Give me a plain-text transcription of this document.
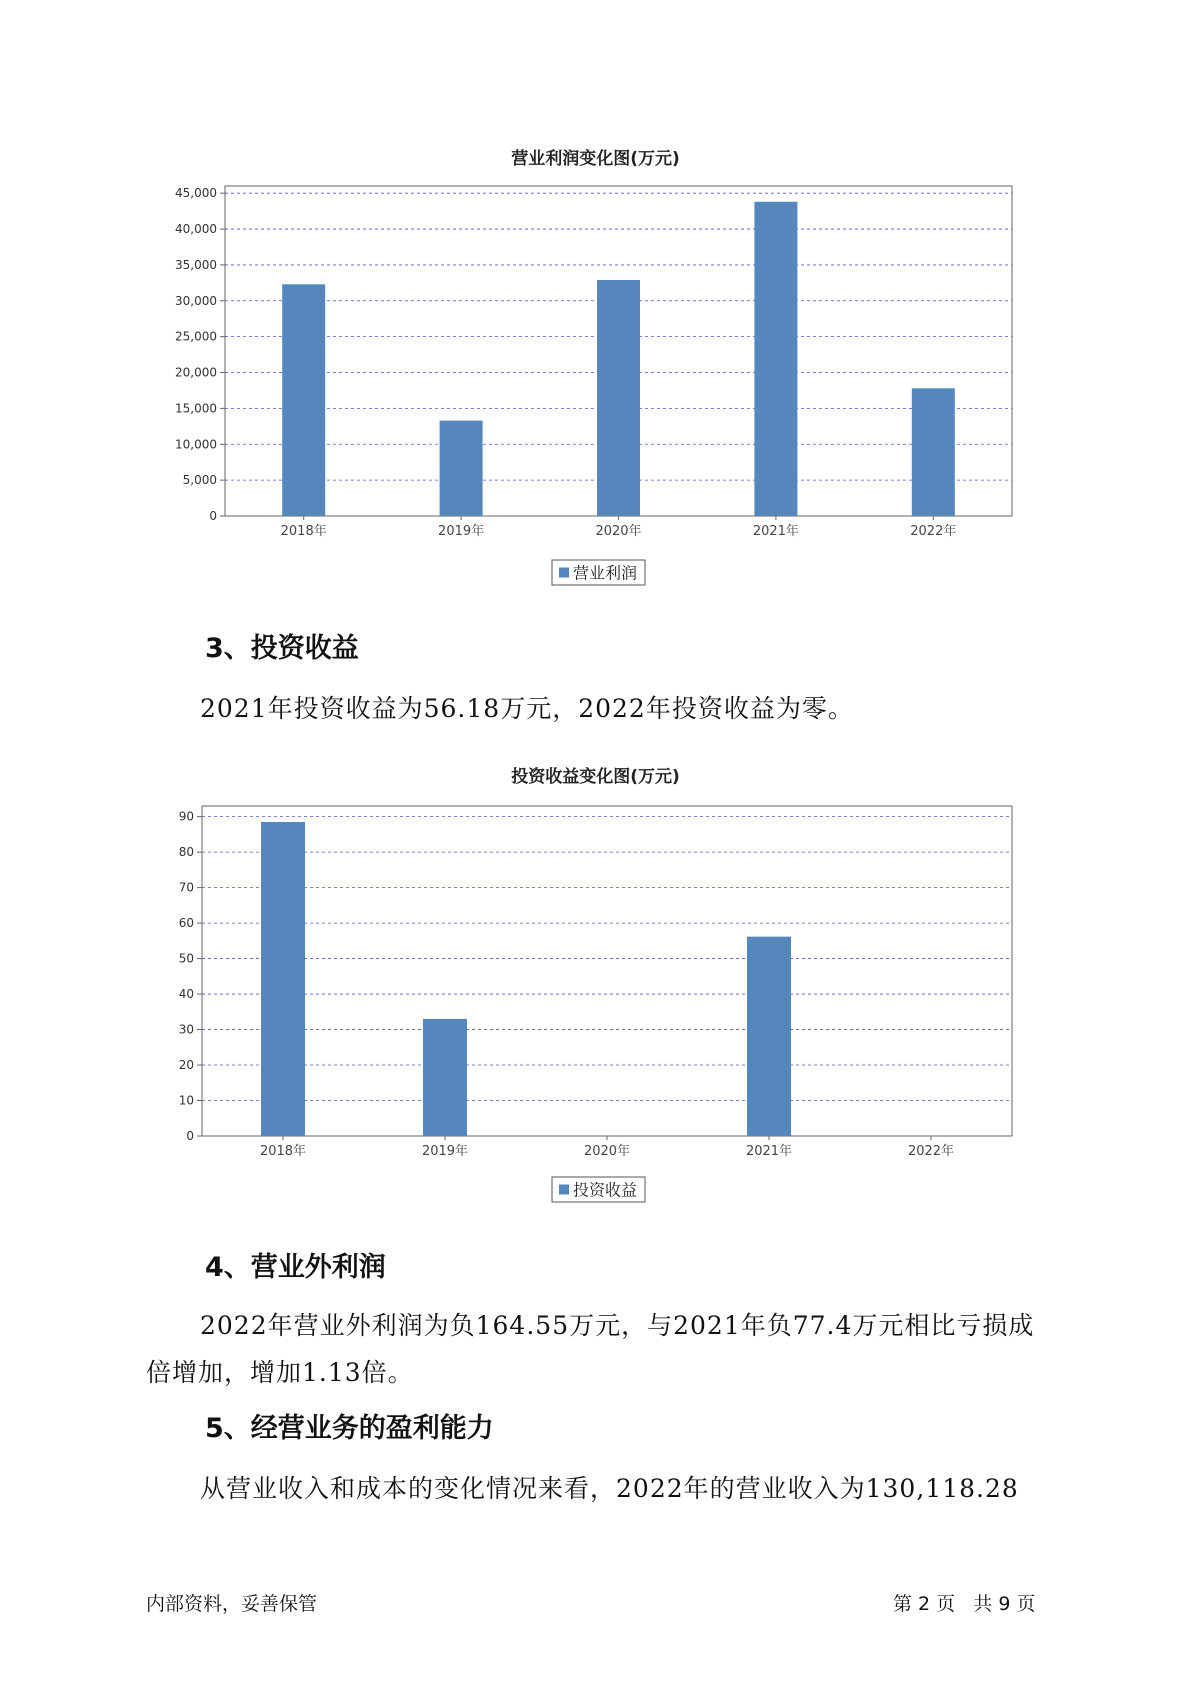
营业利润变化图(万元)
0
5,000
10,000
15,000
20,000
25,000
30,000
35,000
40,000
45,000
2018年	2019年	2020年	2021年	2022年
营业利润
3、投资收益
2021年投资收益为56.18万元，2022年投资收益为零。
投资收益变化图(万元)
0
10
20
30
40
50
60
70
80
90
2018年	2019年	2020年	2021年	2022年
投资收益
4、营业外利润
2022年营业外利润为负164.55万元，与2021年负77.4万元相比亏损成
倍增加，增加1.13倍。
5、经营业务的盈利能力
从营业收入和成本的变化情况来看，2022年的营业收入为130,118.28
内部资料，妥善保管	第 2 页   共 9 页
